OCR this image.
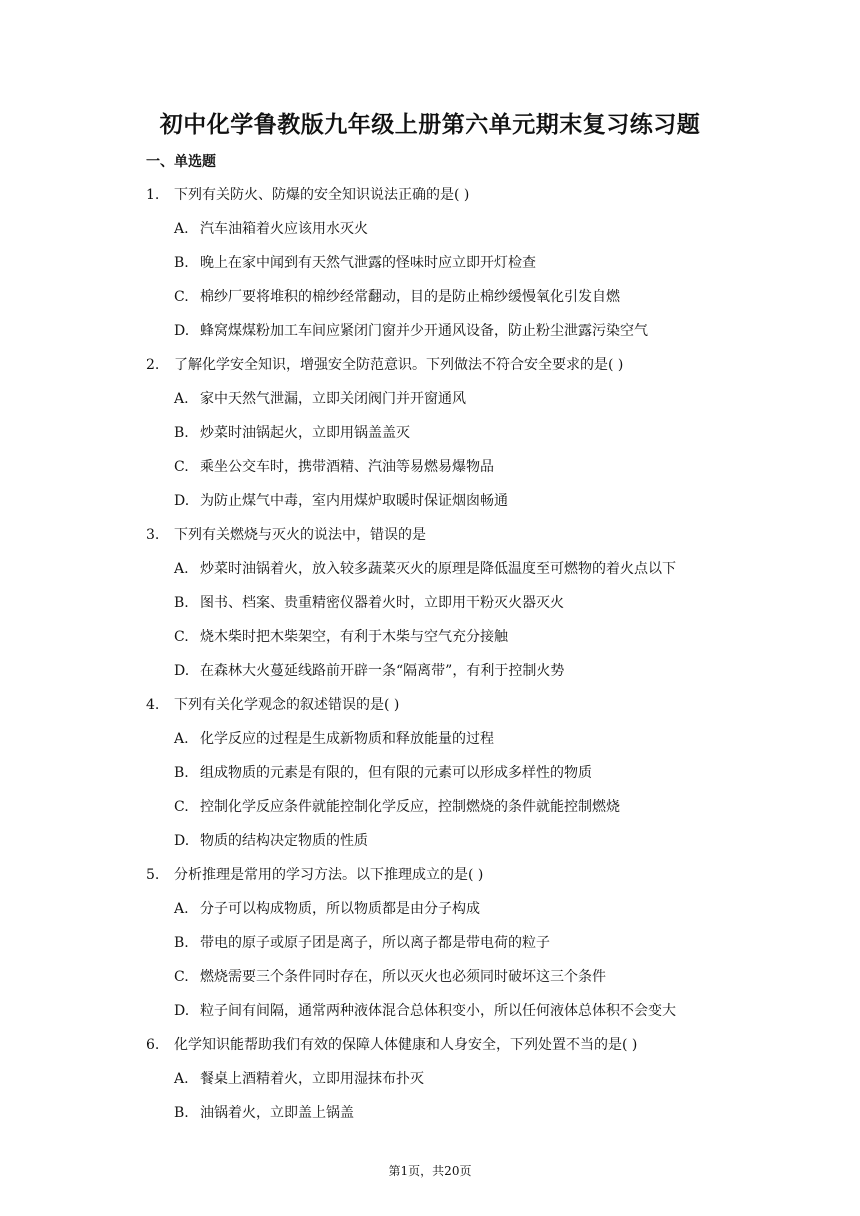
初中化学鲁教版九年级上册第六单元期末复习练习题
一、单选题
1. 下列有关防火、防爆的安全知识说法正确的是( )
A. 汽车油箱着火应该用水灭火
B. 晚上在家中闻到有天然气泄露的怪味时应立即开灯检查
C. 棉纱厂要将堆积的棉纱经常翻动，目的是防止棉纱缓慢氧化引发自燃
D. 蜂窝煤煤粉加工车间应紧闭门窗并少开通风设备，防止粉尘泄露污染空气
2. 了解化学安全知识，增强安全防范意识。下列做法不符合安全要求的是( )
A. 家中天然气泄漏，立即关闭阀门并开窗通风
B. 炒菜时油锅起火，立即用锅盖盖灭
C. 乘坐公交车时，携带酒精、汽油等易燃易爆物品
D. 为防止煤气中毒，室内用煤炉取暖时保证烟囱畅通
3. 下列有关燃烧与灭火的说法中，错误的是
A. 炒菜时油锅着火，放入较多蔬菜灭火的原理是降低温度至可燃物的着火点以下
B. 图书、档案、贵重精密仪器着火时，立即用干粉灭火器灭火
C. 烧木柴时把木柴架空，有利于木柴与空气充分接触
D. 在森林大火蔓延线路前开辟一条“隔离带”，有利于控制火势
4. 下列有关化学观念的叙述错误的是( )
A. 化学反应的过程是生成新物质和释放能量的过程
B. 组成物质的元素是有限的，但有限的元素可以形成多样性的物质
C. 控制化学反应条件就能控制化学反应，控制燃烧的条件就能控制燃烧
D. 物质的结构决定物质的性质
5. 分析推理是常用的学习方法。以下推理成立的是( )
A. 分子可以构成物质，所以物质都是由分子构成
B. 带电的原子或原子团是离子，所以离子都是带电荷的粒子
C. 燃烧需要三个条件同时存在，所以灭火也必须同时破坏这三个条件
D. 粒子间有间隔，通常两种液体混合总体积变小，所以任何液体总体积不会变大
6. 化学知识能帮助我们有效的保障人体健康和人身安全，下列处置不当的是( )
A. 餐桌上酒精着火，立即用湿抹布扑灭
B. 油锅着火，立即盖上锅盖
第1页，共20页
